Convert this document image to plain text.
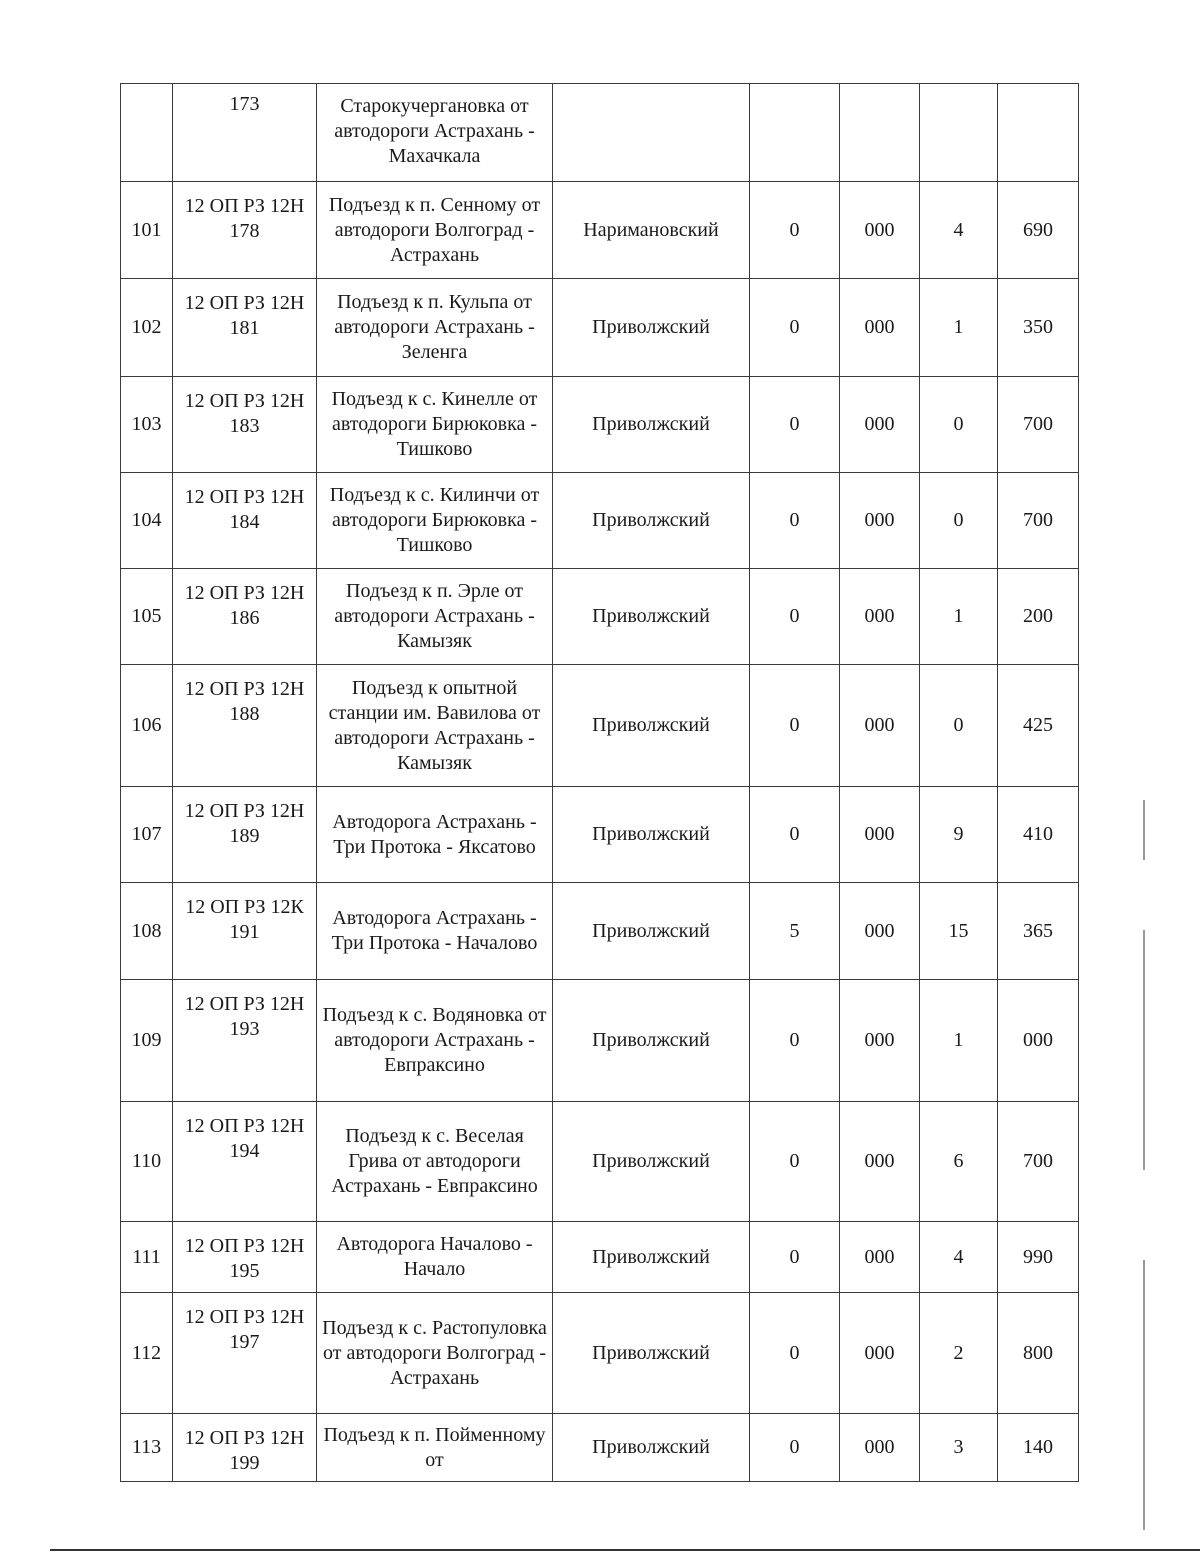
	173	Старокучергановка от автодороги Астрахань - Махачкала					
101	12 ОП РЗ 12Н 178	Подъезд к п. Сенному от автодороги Волгоград - Астрахань	Наримановский	0	000	4	690
102	12 ОП РЗ 12Н 181	Подъезд к п. Кульпа от автодороги Астрахань - Зеленга	Приволжский	0	000	1	350
103	12 ОП РЗ 12Н 183	Подъезд к с. Кинелле от автодороги Бирюковка - Тишково	Приволжский	0	000	0	700
104	12 ОП РЗ 12Н 184	Подъезд к с. Килинчи от автодороги Бирюковка - Тишково	Приволжский	0	000	0	700
105	12 ОП РЗ 12Н 186	Подъезд к п. Эрле от автодороги Астрахань - Камызяк	Приволжский	0	000	1	200
106	12 ОП РЗ 12Н 188	Подъезд к опытной станции им. Вавилова от автодороги Астрахань - Камызяк	Приволжский	0	000	0	425
107	12 ОП РЗ 12Н 189	Автодорога Астрахань - Три Протока - Яксатово	Приволжский	0	000	9	410
108	12 ОП РЗ 12К 191	Автодорога Астрахань - Три Протока - Началово	Приволжский	5	000	15	365
109	12 ОП РЗ 12Н 193	Подъезд к с. Водяновка от автодороги Астрахань - Евпраксино	Приволжский	0	000	1	000
110	12 ОП РЗ 12Н 194	Подъезд к с. Веселая Грива от автодороги Астрахань - Евпраксино	Приволжский	0	000	6	700
111	12 ОП РЗ 12Н 195	Автодорога Началово - Начало	Приволжский	0	000	4	990
112	12 ОП РЗ 12Н 197	Подъезд к с. Растопуловка от автодороги Волгоград - Астрахань	Приволжский	0	000	2	800
113	12 ОП РЗ 12Н 199	Подъезд к п. Пойменному от	Приволжский	0	000	3	140
